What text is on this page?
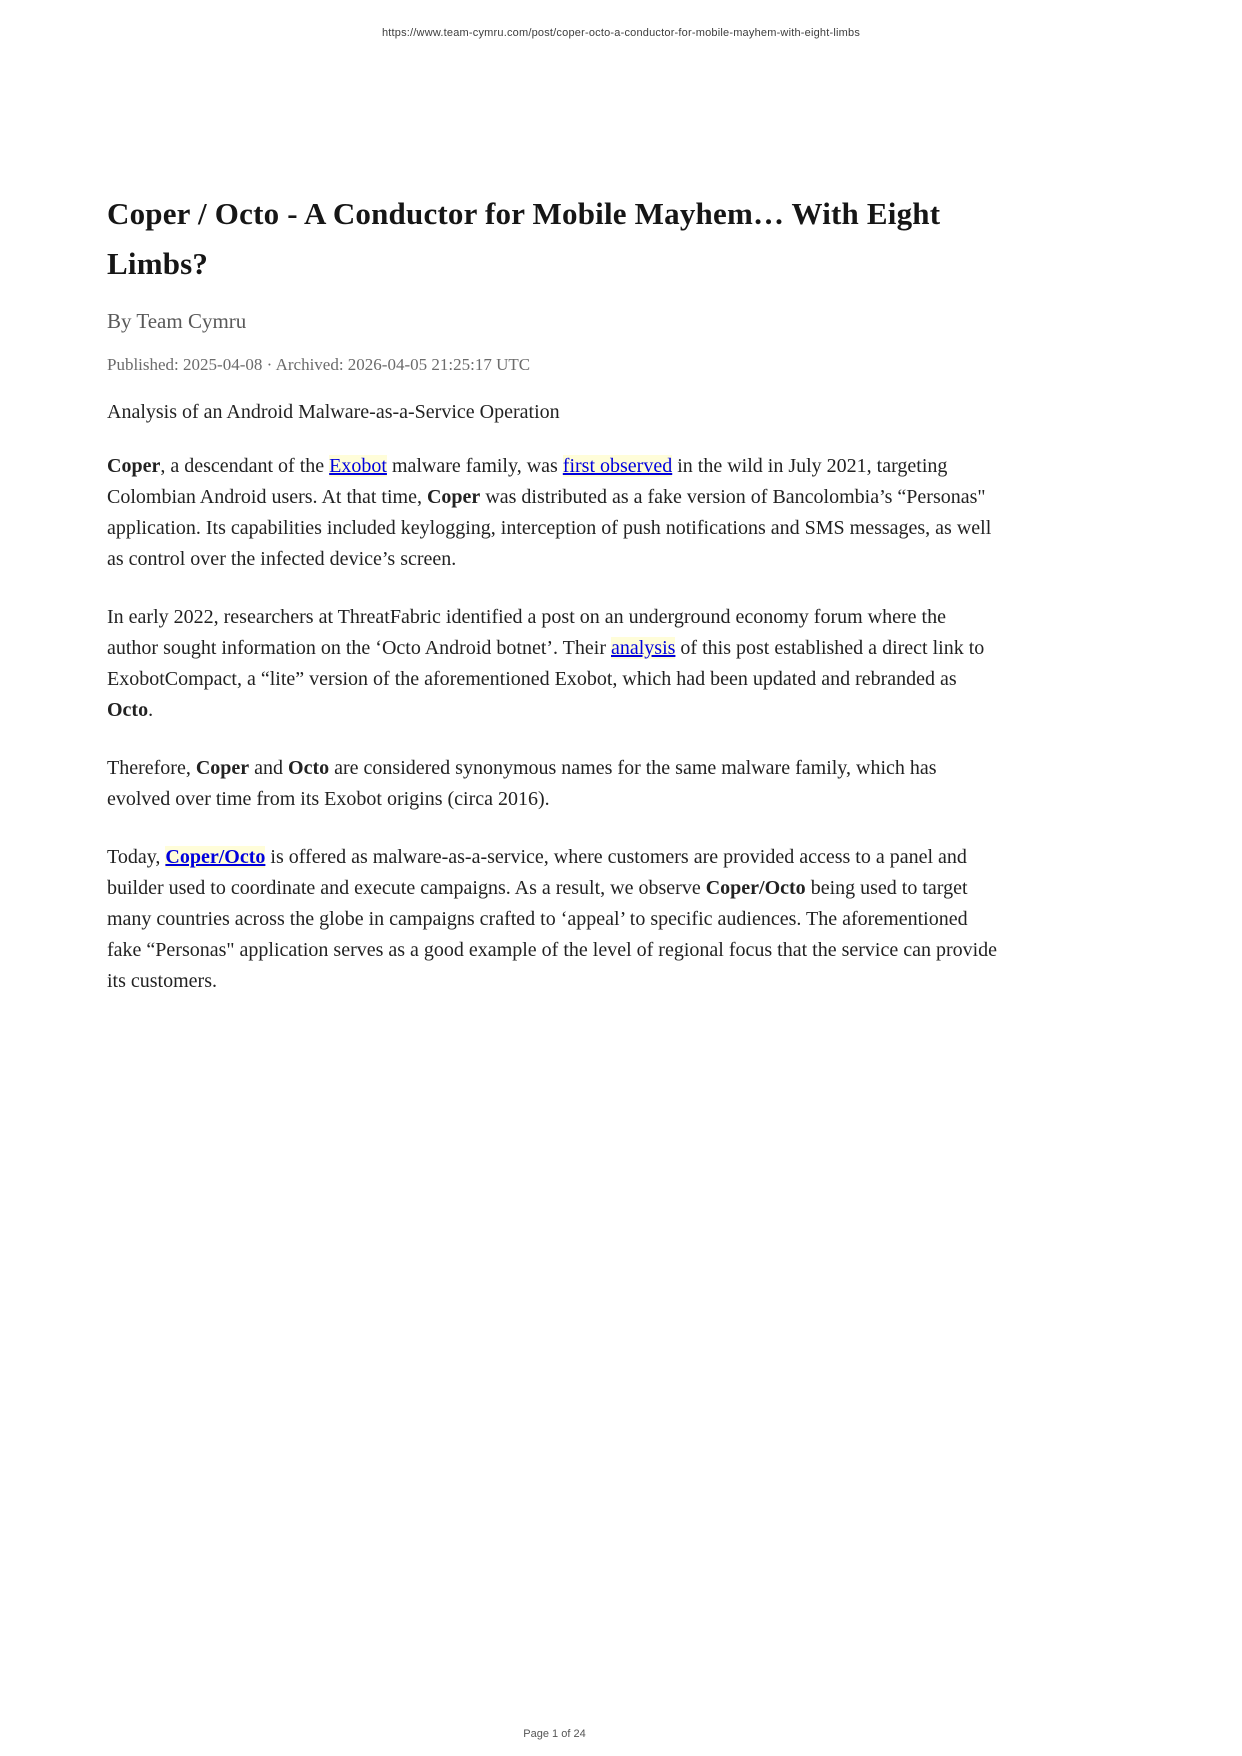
https://www.team-cymru.com/post/coper-octo-a-conductor-for-mobile-mayhem-with-eight-limbs
Coper / Octo - A Conductor for Mobile Mayhem… With Eight Limbs?
By Team Cymru
Published: 2025-04-08 · Archived: 2026-04-05 21:25:17 UTC
Analysis of an Android Malware-as-a-Service Operation

Coper, a descendant of the Exobot malware family, was first observed in the wild in July 2021, targeting Colombian Android users. At that time, Coper was distributed as a fake version of Bancolombia’s “Personas" application. Its capabilities included keylogging, interception of push notifications and SMS messages, as well as control over the infected device’s screen.

In early 2022, researchers at ThreatFabric identified a post on an underground economy forum where the author sought information on the ‘Octo Android botnet’. Their analysis of this post established a direct link to ExobotCompact, a “lite” version of the aforementioned Exobot, which had been updated and rebranded as Octo.

Therefore, Coper and Octo are considered synonymous names for the same malware family, which has evolved over time from its Exobot origins (circa 2016).

Today, Coper/Octo is offered as malware-as-a-service, where customers are provided access to a panel and builder used to coordinate and execute campaigns. As a result, we observe Coper/Octo being used to target many countries across the globe in campaigns crafted to ‘appeal’ to specific audiences. The aforementioned fake “Personas" application serves as a good example of the level of regional focus that the service can provide its customers.

Page 1 of 24
